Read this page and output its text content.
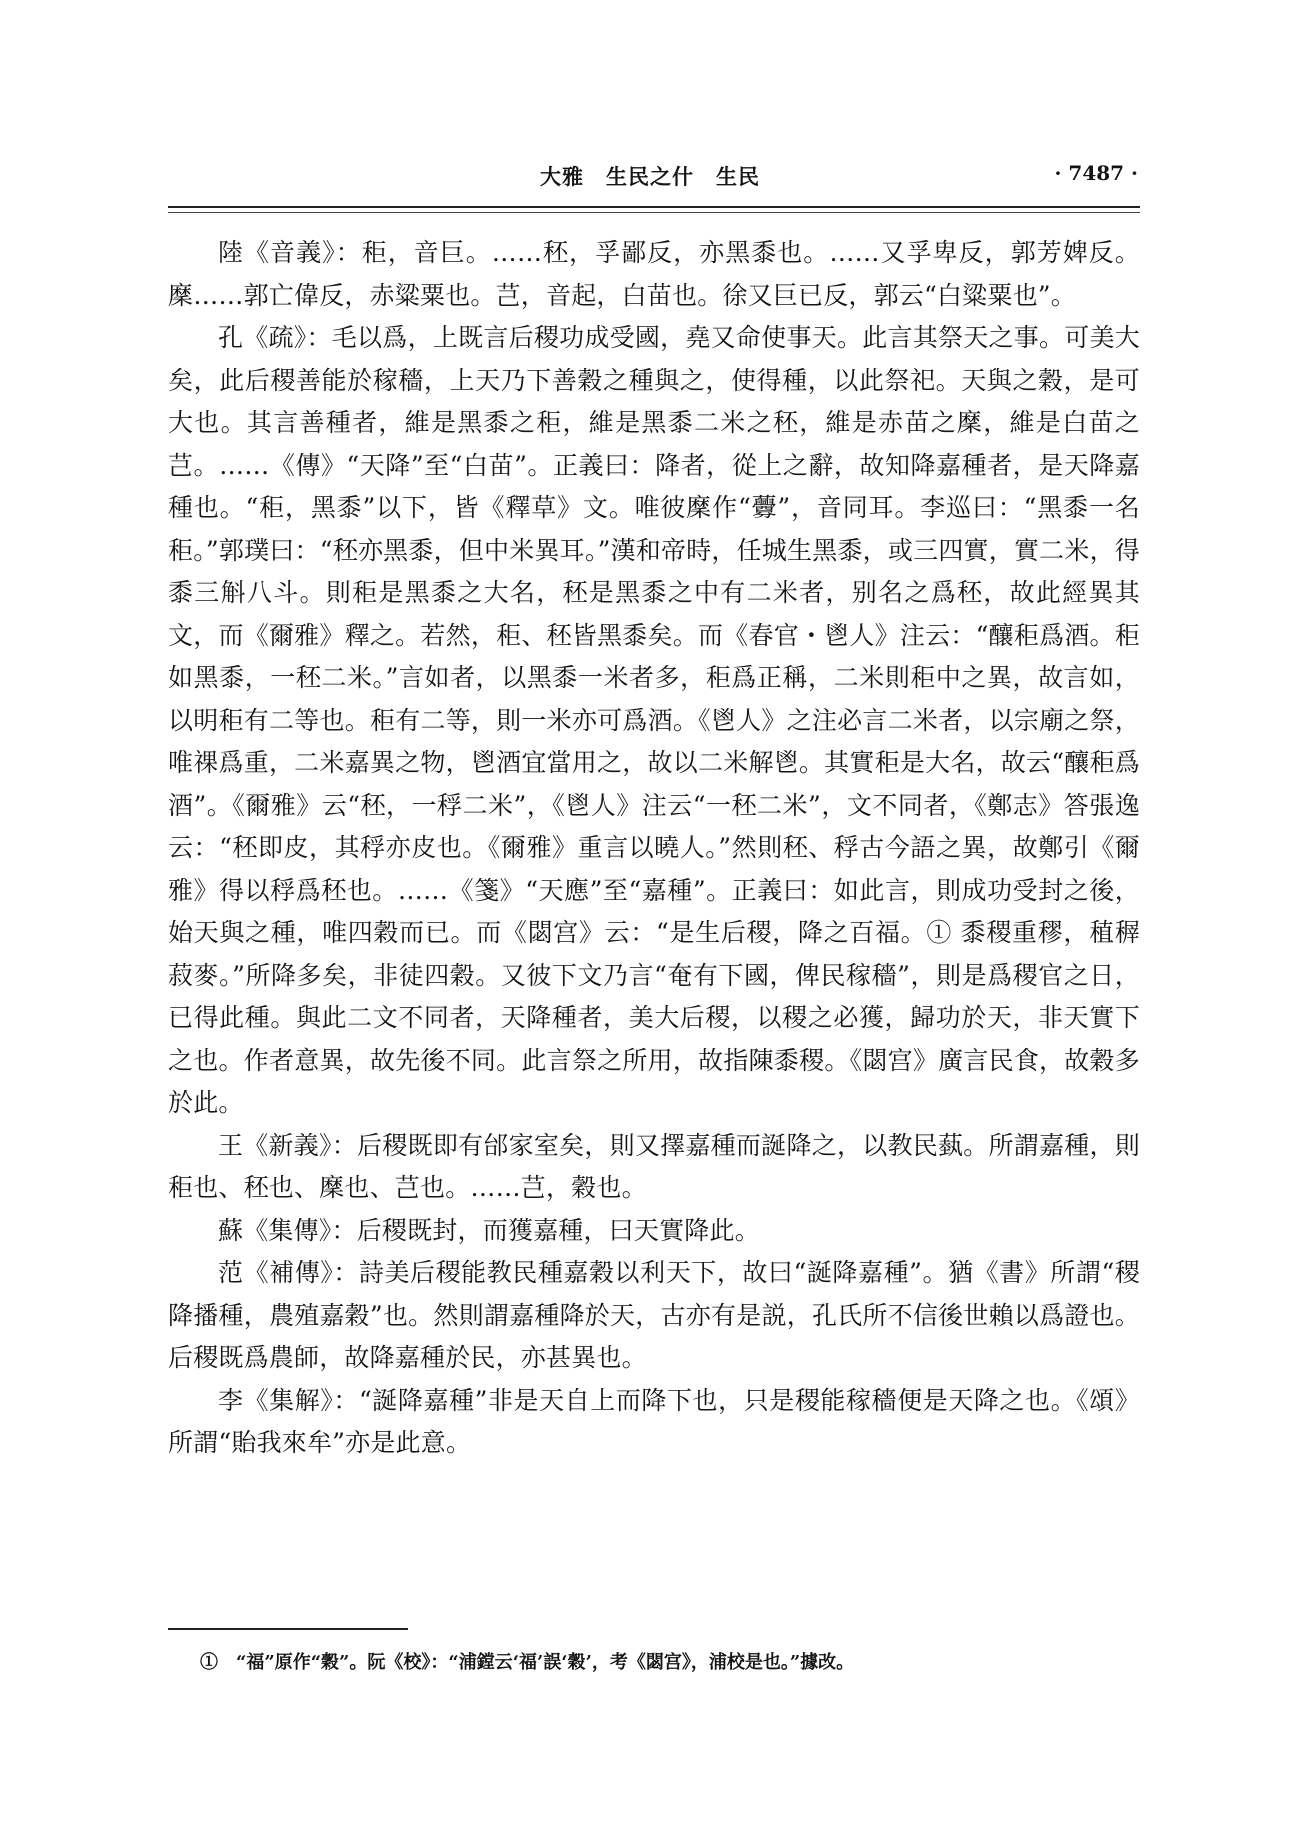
大雅　生民之什　生民	· 7487 ·

陸《音義》：秬，音巨。……秠，孚鄙反，亦黑黍也。……又孚卑反，郭芳婢反。穈……郭亡偉反，赤粱粟也。芑，音起，白苗也。徐又巨已反，郭云“白粱粟也”。

孔《疏》：毛以爲，上既言后稷功成受國，堯又命使事天。此言其祭天之事。可美大矣，此后稷善能於稼穡，上天乃下善穀之種與之，使得種，以此祭祀。天與之穀，是可大也。其言善種者，維是黑黍之秬，維是黑黍二米之秠，維是赤苗之穈，維是白苗之芑。……《傳》“天降”至“白苗”。正義曰：降者，從上之辭，故知降嘉種者，是天降嘉種也。“秬，黑黍”以下，皆《釋草》文。唯彼穈作“虋”，音同耳。李巡曰：“黑黍一名秬。”郭璞曰：“秠亦黑黍，但中米異耳。”漢和帝時，任城生黑黍，或三四實，實二米，得黍三斛八斗。則秬是黑黍之大名，秠是黑黍之中有二米者，别名之爲秠，故此經異其文，而《爾雅》釋之。若然，秬、秠皆黑黍矣。而《春官・鬯人》注云：“釀秬爲酒。秬如黑黍，一秠二米。”言如者，以黑黍一米者多，秬爲正稱，二米則秬中之異，故言如，以明秬有二等也。秬有二等，則一米亦可爲酒。《鬯人》之注必言二米者，以宗廟之祭，唯祼爲重，二米嘉異之物，鬯酒宜當用之，故以二米解鬯。其實秬是大名，故云“釀秬爲酒”。《爾雅》云“秠，一稃二米”，《鬯人》注云“一秠二米”，文不同者，《鄭志》答張逸云：“秠即皮，其稃亦皮也。《爾雅》重言以曉人。”然則秠、稃古今語之異，故鄭引《爾雅》得以稃爲秠也。……《箋》“天應”至“嘉種”。正義曰：如此言，則成功受封之後，始天與之種，唯四穀而已。而《閟宫》云：“是生后稷，降之百福。① 黍稷重穋，稙稺菽麥。”所降多矣，非徒四穀。又彼下文乃言“奄有下國，俾民稼穡”，則是爲稷官之日，已得此種。與此二文不同者，天降種者，美大后稷，以稷之必獲，歸功於天，非天實下之也。作者意異，故先後不同。此言祭之所用，故指陳黍稷。《閟宫》廣言民食，故穀多於此。

王《新義》：后稷既即有邰家室矣，則又擇嘉種而誕降之，以教民蓺。所謂嘉種，則秬也、秠也、穈也、芑也。……芑，穀也。

蘇《集傳》：后稷既封，而獲嘉種，曰天實降此。

范《補傳》：詩美后稷能教民種嘉穀以利天下，故曰“誕降嘉種”。猶《書》所謂“稷降播種，農殖嘉穀”也。然則謂嘉種降於天，古亦有是説，孔氏所不信後世賴以爲證也。后稷既爲農師，故降嘉種於民，亦甚異也。

李《集解》：“誕降嘉種”非是天自上而降下也，只是稷能稼穡便是天降之也。《頌》所謂“貽我來牟”亦是此意。

①　“福”原作“穀”。阮《校》：“浦鏜云‘福’誤‘穀’，考《閟宫》，浦校是也。”據改。
